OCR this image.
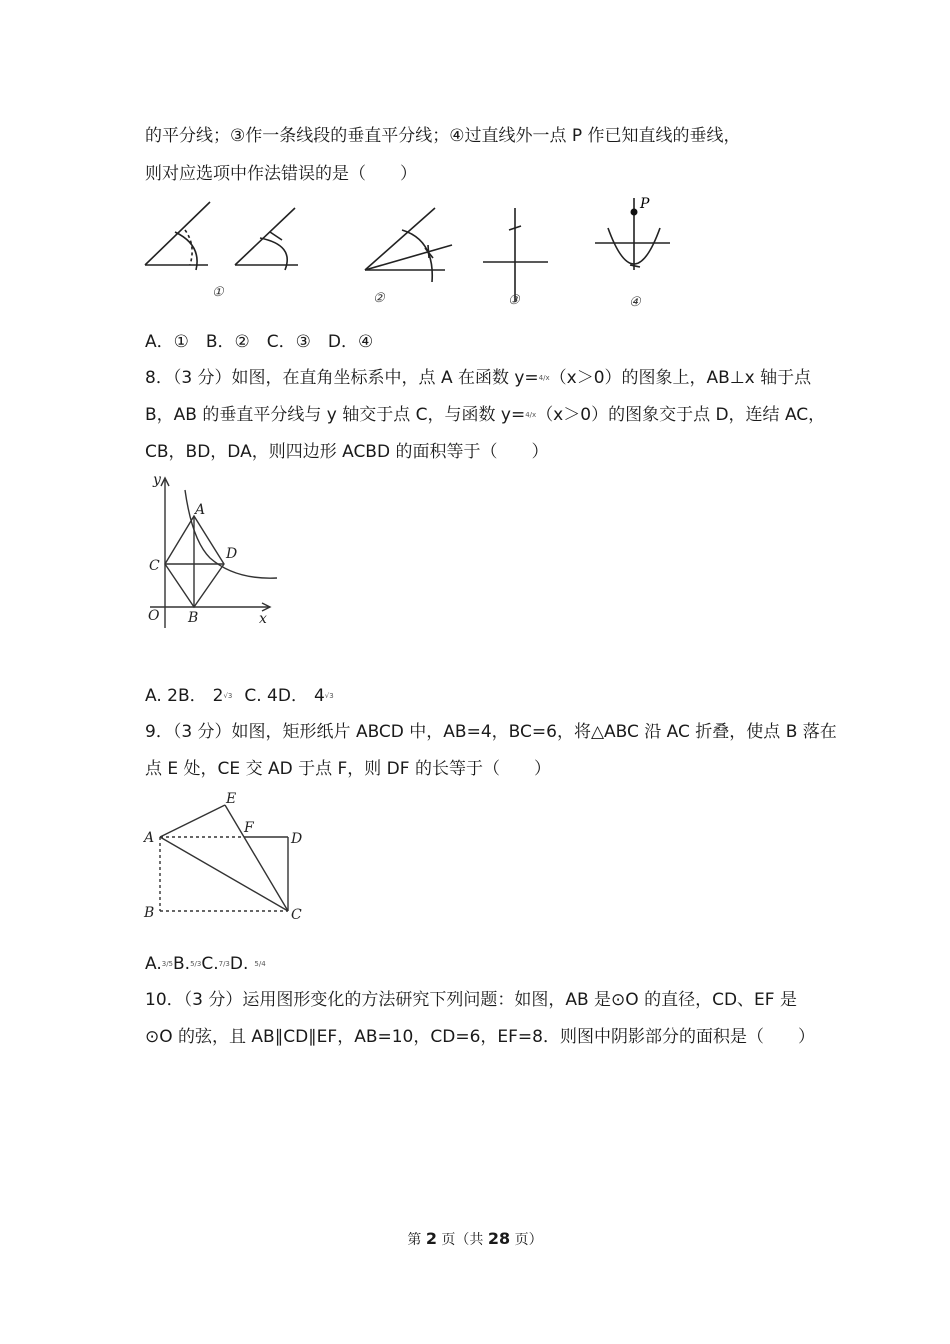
的平分线；③作一条线段的垂直平分线；④过直线外一点 P 作已知直线的垂线，
则对应选项中作法错误的是（　　）
P
①	②	③	④
A．①　B．②　C．③　D．④
8．（3 分）如图，在直角坐标系中，点 A 在函数 y=4/x（x＞0）的图象上，AB⊥x 轴于点
B，AB 的垂直平分线与 y 轴交于点 C，与函数 y=4/x（x＞0）的图象交于点 D，连结 AC，
CB，BD，DA，则四边形 ACBD 的面积等于（　　）
y
A
C
D
O B	x
A. 2B． 2√3 C. 4D． 4√3
9．（3 分）如图，矩形纸片 ABCD 中，AB=4，BC=6，将△ABC 沿 AC 折叠，使点 B 落在
点 E 处，CE 交 AD 于点 F，则 DF 的长等于（　　）
E
A
F
D
B	C
A.3/5B.5/3C.7/3D. 5/4
10．（3 分）运用图形变化的方法研究下列问题：如图，AB 是⊙O 的直径，CD、EF 是
⊙O 的弦，且 AB∥CD∥EF，AB=10，CD=6，EF=8．则图中阴影部分的面积是（　　）
第 2 页（共 28 页）
